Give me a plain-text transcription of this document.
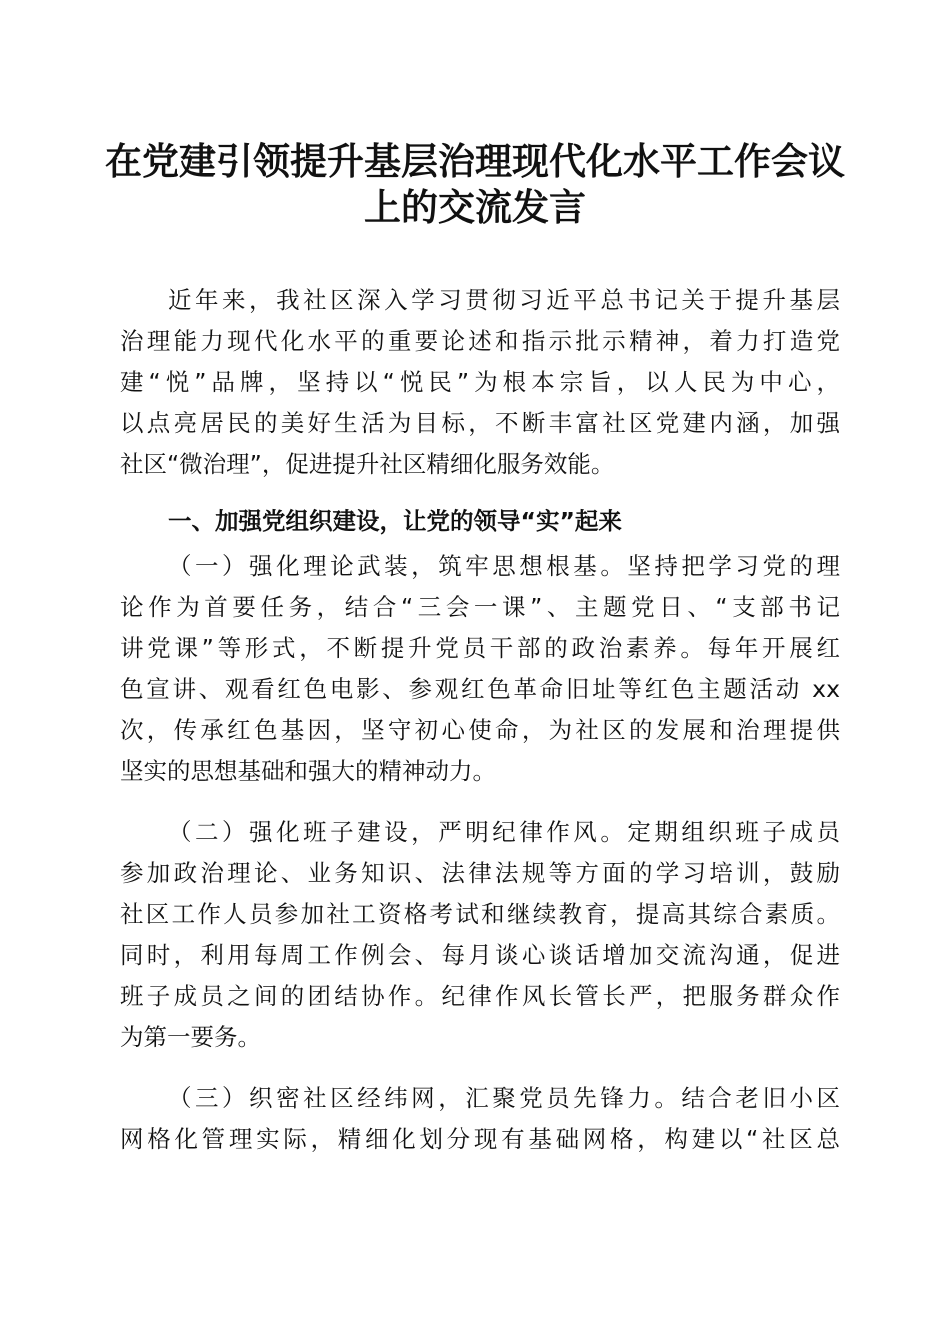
在党建引领提升基层治理现代化水平工作会议
上的交流发言
近年来，我社区深入学习贯彻习近平总书记关于提升基层
治理能力现代化水平的重要论述和指示批示精神，着力打造党
建“悦”品牌，坚持以“悦民”为根本宗旨，以人民为中心，
以点亮居民的美好生活为目标，不断丰富社区党建内涵，加强
社区“微治理”，促进提升社区精细化服务效能。
一、加强党组织建设，让党的领导“实”起来
（一）强化理论武装，筑牢思想根基。坚持把学习党的理
论作为首要任务，结合“三会一课”、主题党日、“支部书记
讲党课”等形式，不断提升党员干部的政治素养。每年开展红
色宣讲、观看红色电影、参观红色革命旧址等红色主题活动 xx
次，传承红色基因，坚守初心使命，为社区的发展和治理提供
坚实的思想基础和强大的精神动力。
（二）强化班子建设，严明纪律作风。定期组织班子成员
参加政治理论、业务知识、法律法规等方面的学习培训，鼓励
社区工作人员参加社工资格考试和继续教育，提高其综合素质。
同时，利用每周工作例会、每月谈心谈话增加交流沟通，促进
班子成员之间的团结协作。纪律作风长管长严，把服务群众作
为第一要务。
（三）织密社区经纬网，汇聚党员先锋力。结合老旧小区
网格化管理实际，精细化划分现有基础网格，构建以“社区总
